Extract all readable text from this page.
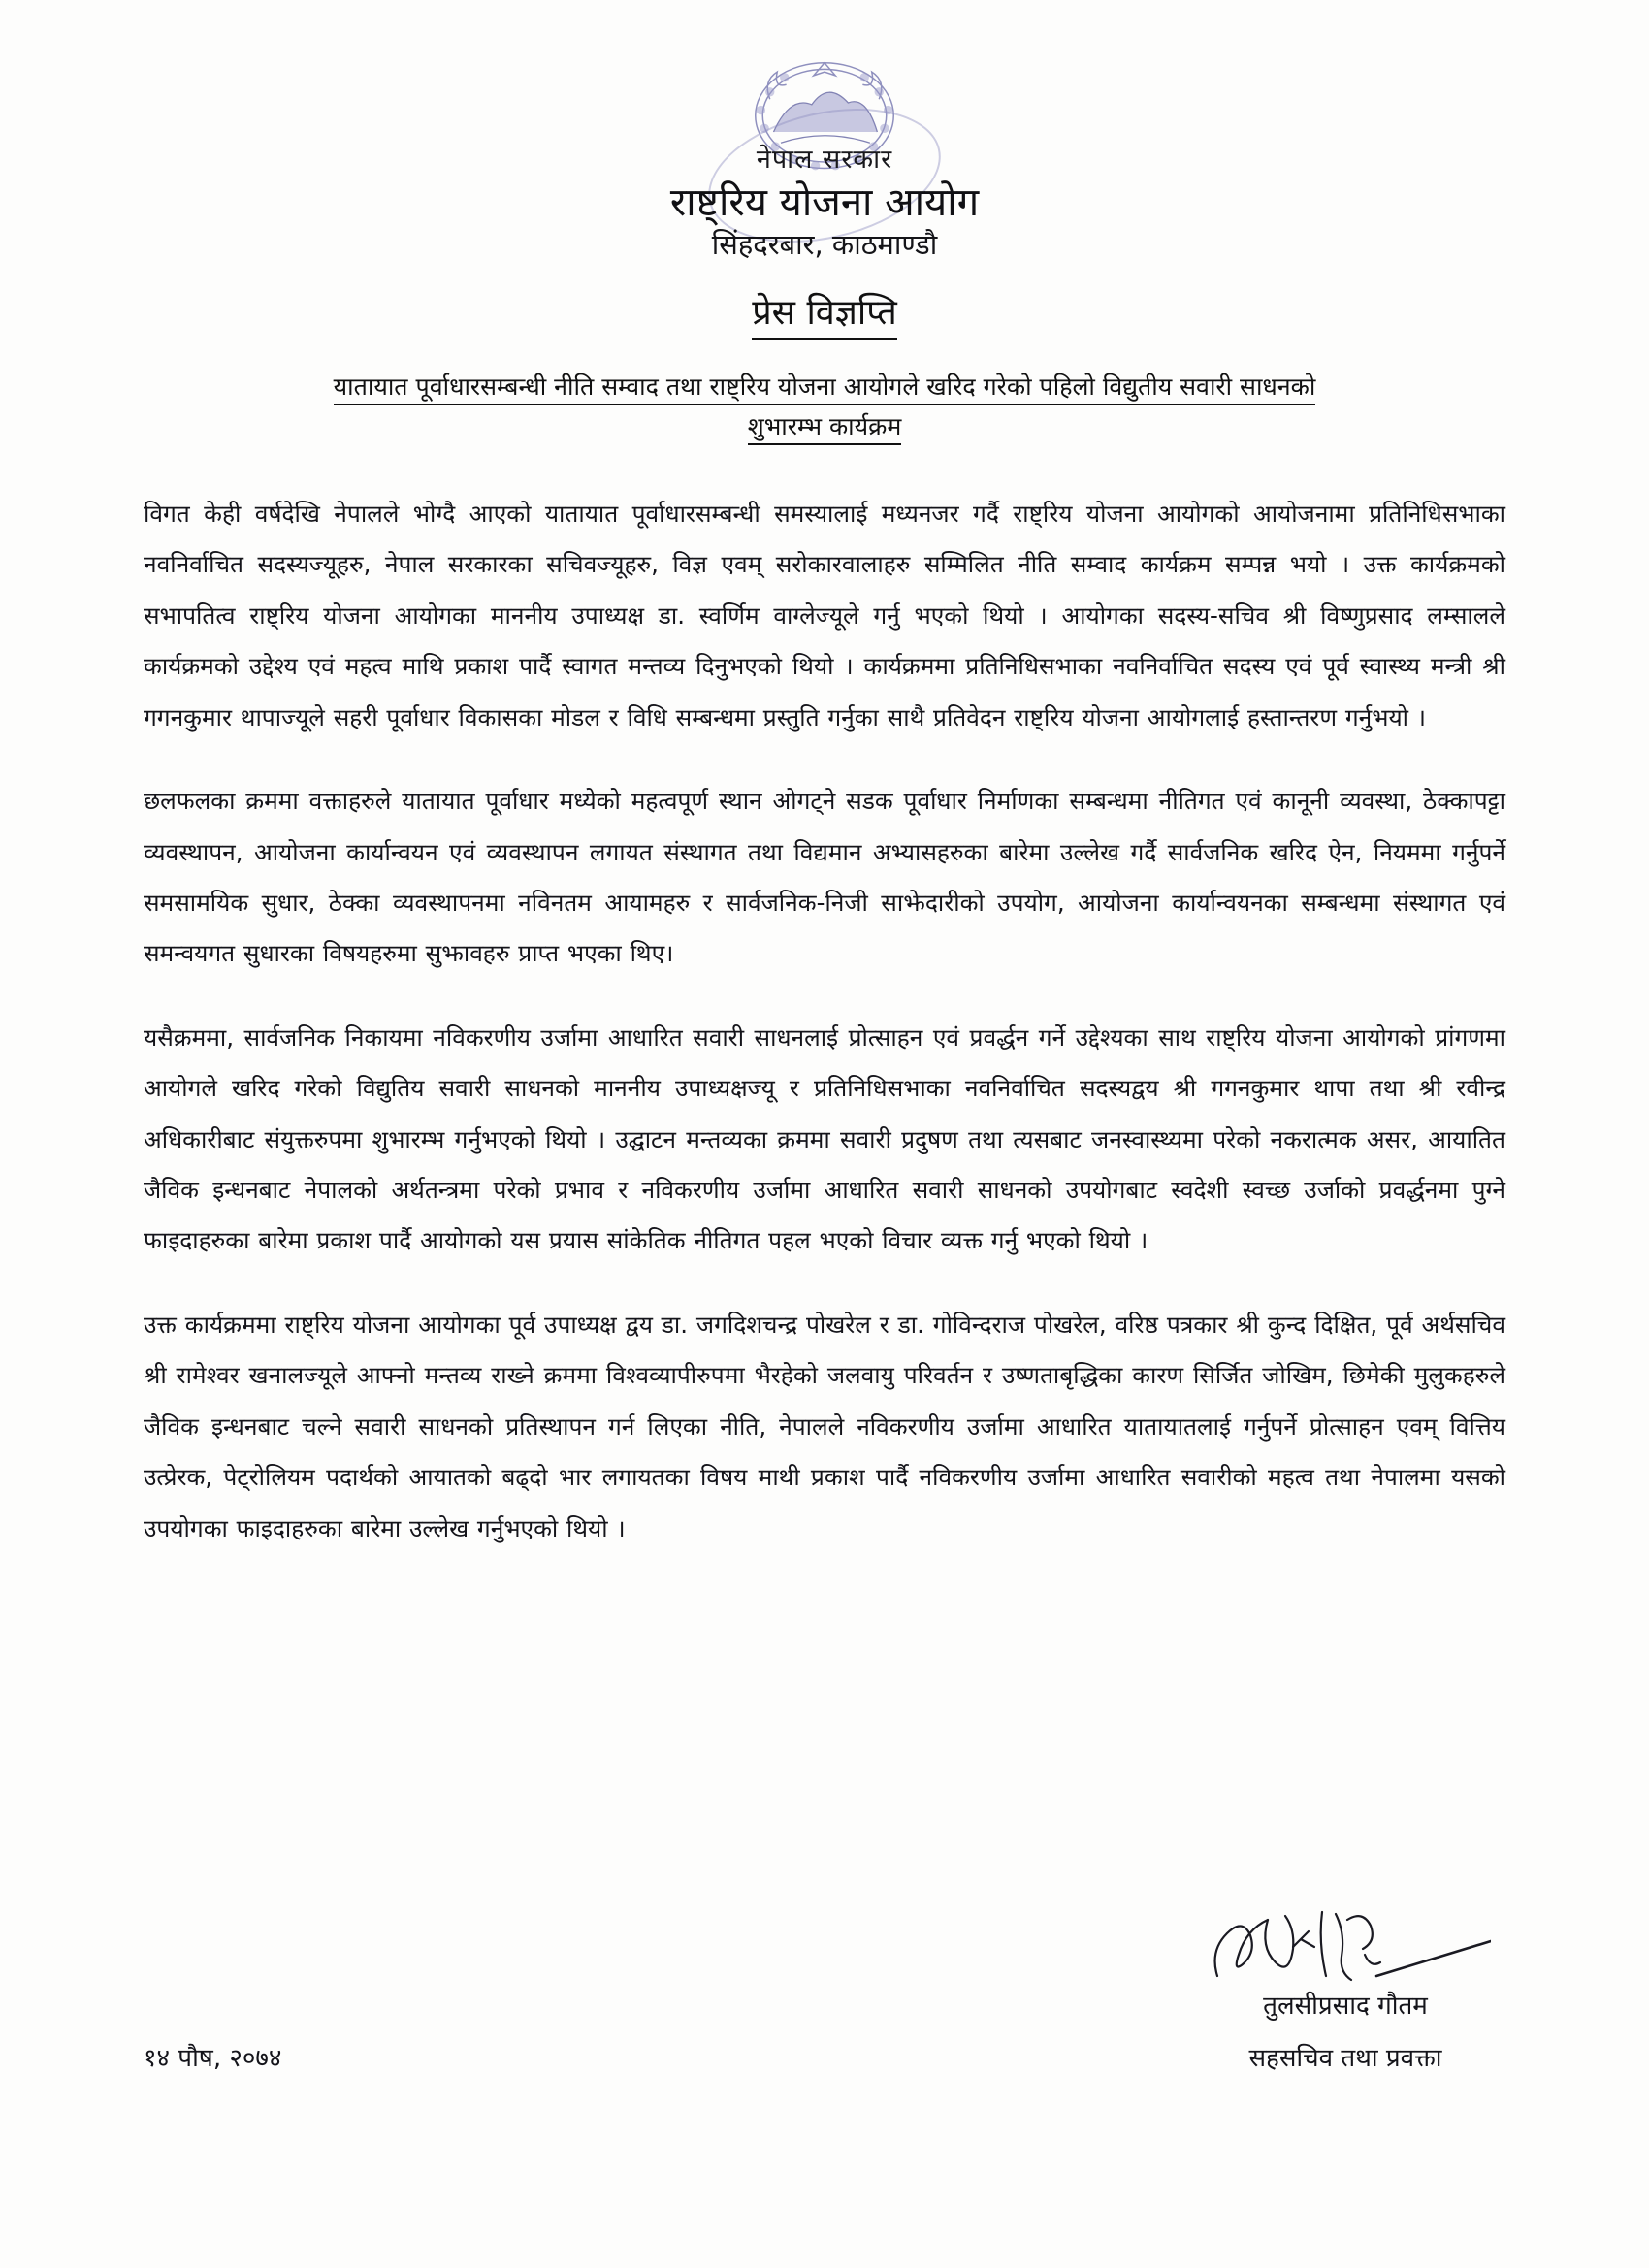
नेपाल सरकार
राष्ट्रिय योजना आयोग
सिंहदरबार, काठमाण्डौ
प्रेस विज्ञप्ति
यातायात पूर्वाधारसम्बन्धी नीति सम्वाद तथा राष्ट्रिय योजना आयोगले खरिद गरेको पहिलो विद्युतीय सवारी साधनको
शुभारम्भ कार्यक्रम

विगत केही वर्षदेखि नेपालले भोग्दै आएको यातायात पूर्वाधारसम्बन्धी समस्यालाई मध्यनजर गर्दै राष्ट्रिय योजना आयोगको आयोजनामा प्रतिनिधिसभाका नवनिर्वाचित सदस्यज्यूहरु, नेपाल सरकारका सचिवज्यूहरु, विज्ञ एवम् सरोकारवालाहरु सम्मिलित नीति सम्वाद कार्यक्रम सम्पन्न भयो । उक्त कार्यक्रमको सभापतित्व राष्ट्रिय योजना आयोगका माननीय उपाध्यक्ष डा. स्वर्णिम वाग्लेज्यूले गर्नु भएको थियो । आयोगका सदस्य-सचिव श्री विष्णुप्रसाद लम्सालले कार्यक्रमको उद्देश्य एवं महत्व माथि प्रकाश पार्दै स्वागत मन्तव्य दिनुभएको थियो । कार्यक्रममा प्रतिनिधिसभाका नवनिर्वाचित सदस्य एवं पूर्व स्वास्थ्य मन्त्री श्री गगनकुमार थापाज्यूले सहरी पूर्वाधार विकासका मोडल र विधि सम्बन्धमा प्रस्तुति गर्नुका साथै प्रतिवेदन राष्ट्रिय योजना आयोगलाई हस्तान्तरण गर्नुभयो ।

छलफलका क्रममा वक्ताहरुले यातायात पूर्वाधार मध्येको महत्वपूर्ण स्थान ओगट्ने सडक पूर्वाधार निर्माणका सम्बन्धमा नीतिगत एवं कानूनी व्यवस्था, ठेक्कापट्टा व्यवस्थापन, आयोजना कार्यान्वयन एवं व्यवस्थापन लगायत संस्थागत तथा विद्यमान अभ्यासहरुका बारेमा उल्लेख गर्दै सार्वजनिक खरिद ऐन, नियममा गर्नुपर्ने समसामयिक सुधार, ठेक्का व्यवस्थापनमा नविनतम आयामहरु र सार्वजनिक-निजी साझेदारीको उपयोग, आयोजना कार्यान्वयनका सम्बन्धमा संस्थागत एवं समन्वयगत सुधारका विषयहरुमा सुझावहरु प्राप्त भएका थिए।

यसैक्रममा, सार्वजनिक निकायमा नविकरणीय उर्जामा आधारित सवारी साधनलाई प्रोत्साहन एवं प्रवर्द्धन गर्ने उद्देश्यका साथ राष्ट्रिय योजना आयोगको प्रांगणमा आयोगले खरिद गरेको विद्युतिय सवारी साधनको माननीय उपाध्यक्षज्यू र प्रतिनिधिसभाका नवनिर्वाचित सदस्यद्वय श्री गगनकुमार थापा तथा श्री रवीन्द्र अधिकारीबाट संयुक्तरुपमा शुभारम्भ गर्नुभएको थियो । उद्घाटन मन्तव्यका क्रममा सवारी प्रदुषण तथा त्यसबाट जनस्वास्थ्यमा परेको नकरात्मक असर, आयातित जैविक इन्धनबाट नेपालको अर्थतन्त्रमा परेको प्रभाव र नविकरणीय उर्जामा आधारित सवारी साधनको उपयोगबाट स्वदेशी स्वच्छ उर्जाको प्रवर्द्धनमा पुग्ने फाइदाहरुका बारेमा प्रकाश पार्दै आयोगको यस प्रयास सांकेतिक नीतिगत पहल भएको विचार व्यक्त गर्नु भएको थियो ।

उक्त कार्यक्रममा राष्ट्रिय योजना आयोगका पूर्व उपाध्यक्ष द्वय डा. जगदिशचन्द्र पोखरेल र डा. गोविन्दराज पोखरेल, वरिष्ठ पत्रकार श्री कुन्द दिक्षित, पूर्व अर्थसचिव श्री रामेश्वर खनालज्यूले आफ्नो मन्तव्य राख्ने क्रममा विश्वव्यापीरुपमा भैरहेको जलवायु परिवर्तन र उष्णताबृद्धिका कारण सिर्जित जोखिम, छिमेकी मुलुकहरुले जैविक इन्धनबाट चल्ने सवारी साधनको प्रतिस्थापन गर्न लिएका नीति, नेपालले नविकरणीय उर्जामा आधारित यातायातलाई गर्नुपर्ने प्रोत्साहन एवम् वित्तिय उत्प्रेरक, पेट्रोलियम पदार्थको आयातको बढ्दो भार लगायतका विषय माथी प्रकाश पार्दै नविकरणीय उर्जामा आधारित सवारीको महत्व तथा नेपालमा यसको उपयोगका फाइदाहरुका बारेमा उल्लेख गर्नुभएको थियो ।

१४ पौष, २०७४
तुलसीप्रसाद गौतम
सहसचिव तथा प्रवक्ता
